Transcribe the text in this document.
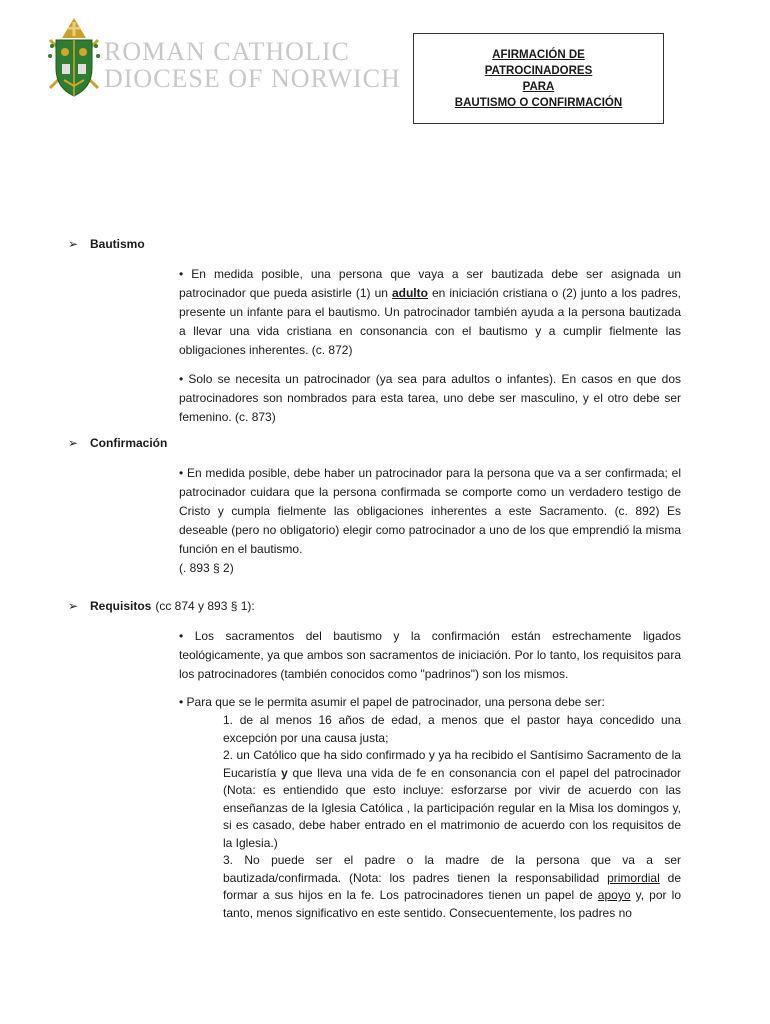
ROMAN CATHOLIC
DIOCESE OF NORWICH
AFIRMACIÓN DE
PATROCINADORES
PARA
BAUTISMO O CONFIRMACIÓN
➢ Bautismo

• En medida posible, una persona que vaya a ser bautizada debe ser asignada un patrocinador que pueda asistirle (1) un adulto en iniciación cristiana o (2) junto a los padres, presente un infante para el bautismo. Un patrocinador también ayuda a la persona bautizada a llevar una vida cristiana en consonancia con el bautismo y a cumplir fielmente las obligaciones inherentes. (c. 872)

• Solo se necesita un patrocinador (ya sea para adultos o infantes). En casos en que dos patrocinadores son nombrados para esta tarea, uno debe ser masculino, y el otro debe ser femenino. (c. 873)

➢ Confirmación

• En medida posible, debe haber un patrocinador para la persona que va a ser confirmada; el patrocinador cuidara que la persona confirmada se comporte como un verdadero testigo de Cristo y cumpla fielmente las obligaciones inherentes a este Sacramento. (c. 892) Es deseable (pero no obligatorio) elegir como patrocinador a uno de los que emprendió la misma función en el bautismo.
(. 893 § 2)

➢ Requisitos (cc 874 y 893 § 1):

• Los sacramentos del bautismo y la confirmación están estrechamente ligados teológicamente, ya que ambos son sacramentos de iniciación. Por lo tanto, los requisitos para los patrocinadores (también conocidos como "padrinos") son los mismos.

• Para que se le permita asumir el papel de patrocinador, una persona debe ser:

1. de al menos 16 años de edad, a menos que el pastor haya concedido una excepción por una causa justa;

2. un Católico que ha sido confirmado y ya ha recibido el Santísimo Sacramento de la Eucaristía y que lleva una vida de fe en consonancia con el papel del patrocinador (Nota: es entiendido que esto incluye: esforzarse por vivir de acuerdo con las enseñanzas de la Iglesia Católica , la participación regular en la Misa los domingos y, si es casado, debe haber entrado en el matrimonio de acuerdo con los requisitos de la Iglesia.)

3. No puede ser el padre o la madre de la persona que va a ser bautizada/confirmada. (Nota: los padres tienen la responsabilidad primordial de formar a sus hijos en la fe. Los patrocinadores tienen un papel de apoyo y, por lo tanto, menos significativo en este sentido. Consecuentemente, los padres no
